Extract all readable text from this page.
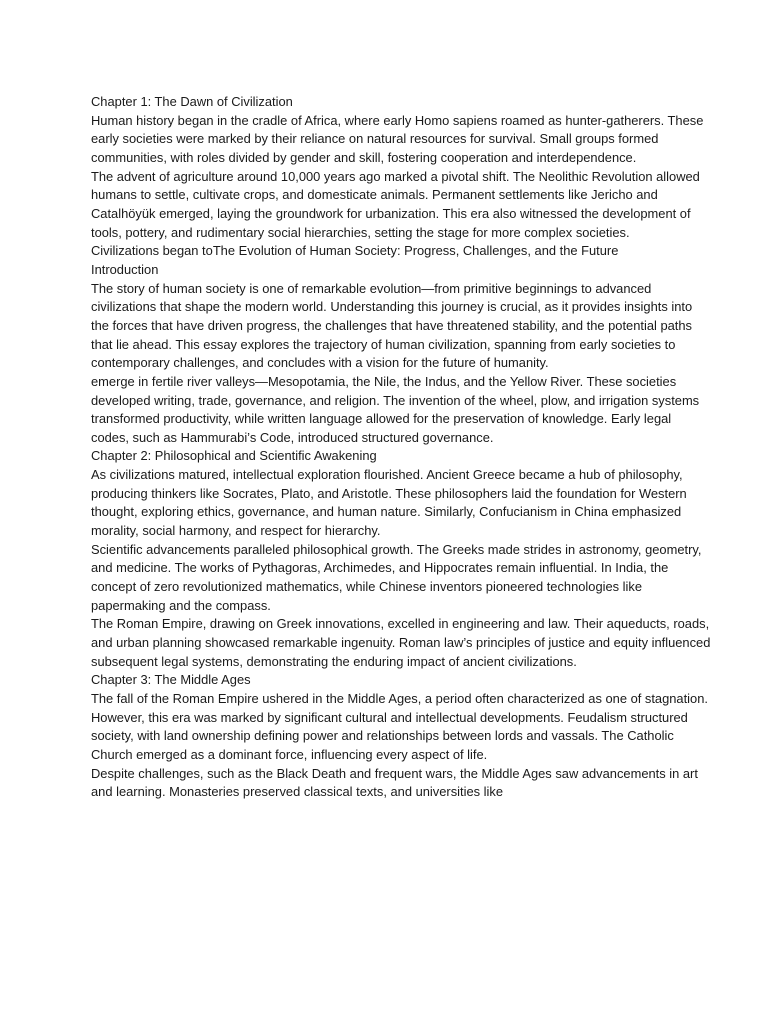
Chapter 1: The Dawn of Civilization

Human history began in the cradle of Africa, where early Homo sapiens roamed as hunter-gatherers. These early societies were marked by their reliance on natural resources for survival. Small groups formed communities, with roles divided by gender and skill, fostering cooperation and interdependence.

The advent of agriculture around 10,000 years ago marked a pivotal shift. The Neolithic Revolution allowed humans to settle, cultivate crops, and domesticate animals. Permanent settlements like Jericho and Catalhöyük emerged, laying the groundwork for urbanization. This era also witnessed the development of tools, pottery, and rudimentary social hierarchies, setting the stage for more complex societies.

Civilizations began toThe Evolution of Human Society: Progress, Challenges, and the Future

Introduction

The story of human society is one of remarkable evolution—from primitive beginnings to advanced civilizations that shape the modern world. Understanding this journey is crucial, as it provides insights into the forces that have driven progress, the challenges that have threatened stability, and the potential paths that lie ahead. This essay explores the trajectory of human civilization, spanning from early societies to contemporary challenges, and concludes with a vision for the future of humanity.

emerge in fertile river valleys—Mesopotamia, the Nile, the Indus, and the Yellow River. These societies developed writing, trade, governance, and religion. The invention of the wheel, plow, and irrigation systems transformed productivity, while written language allowed for the preservation of knowledge. Early legal codes, such as Hammurabi’s Code, introduced structured governance.

Chapter 2: Philosophical and Scientific Awakening

As civilizations matured, intellectual exploration flourished. Ancient Greece became a hub of philosophy, producing thinkers like Socrates, Plato, and Aristotle. These philosophers laid the foundation for Western thought, exploring ethics, governance, and human nature. Similarly, Confucianism in China emphasized morality, social harmony, and respect for hierarchy.

Scientific advancements paralleled philosophical growth. The Greeks made strides in astronomy, geometry, and medicine. The works of Pythagoras, Archimedes, and Hippocrates remain influential. In India, the concept of zero revolutionized mathematics, while Chinese inventors pioneered technologies like papermaking and the compass.

The Roman Empire, drawing on Greek innovations, excelled in engineering and law. Their aqueducts, roads, and urban planning showcased remarkable ingenuity. Roman law’s principles of justice and equity influenced subsequent legal systems, demonstrating the enduring impact of ancient civilizations.

Chapter 3: The Middle Ages

The fall of the Roman Empire ushered in the Middle Ages, a period often characterized as one of stagnation. However, this era was marked by significant cultural and intellectual developments. Feudalism structured society, with land ownership defining power and relationships between lords and vassals. The Catholic Church emerged as a dominant force, influencing every aspect of life.

Despite challenges, such as the Black Death and frequent wars, the Middle Ages saw advancements in art and learning. Monasteries preserved classical texts, and universities like
